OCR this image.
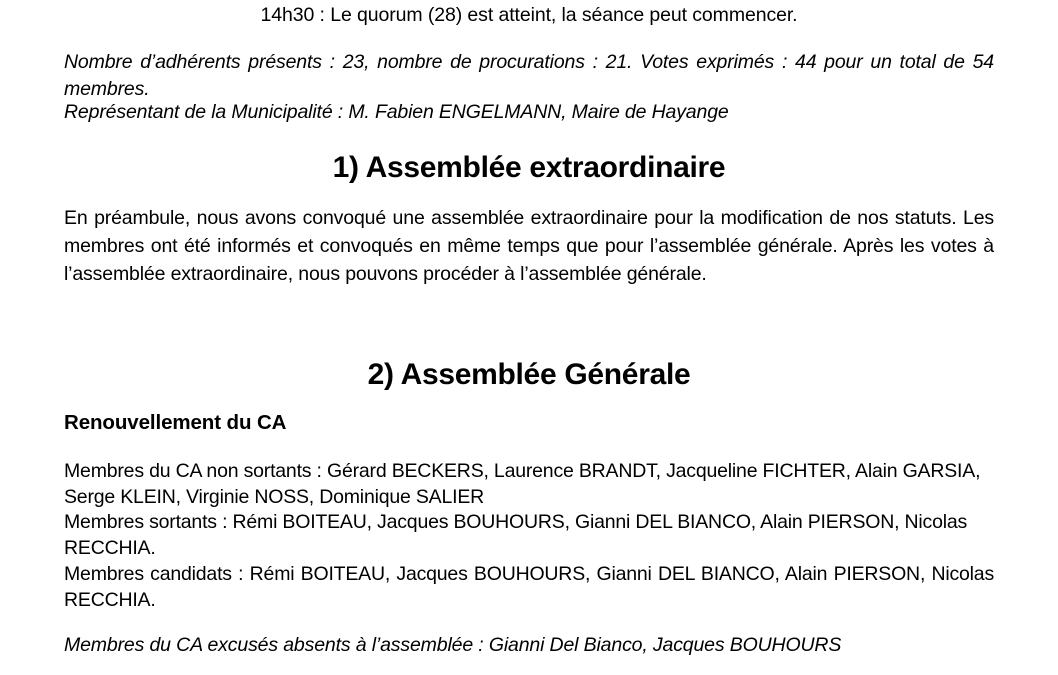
14h30 : Le quorum (28) est atteint, la séance peut commencer.
Nombre d’adhérents présents : 23, nombre de procurations : 21. Votes exprimés : 44 pour un total de 54 membres.
Représentant de la Municipalité : M. Fabien ENGELMANN, Maire de Hayange
1) Assemblée extraordinaire
En préambule, nous avons convoqué une assemblée extraordinaire pour la modification de nos statuts. Les membres ont été informés et convoqués en même temps que pour l’assemblée générale. Après les votes à l’assemblée extraordinaire, nous pouvons procéder à l’assemblée générale.
2) Assemblée Générale
Renouvellement du CA
Membres du CA non sortants : Gérard BECKERS, Laurence BRANDT, Jacqueline FICHTER, Alain GARSIA, Serge KLEIN, Virginie NOSS, Dominique SALIER
Membres sortants : Rémi BOITEAU, Jacques BOUHOURS, Gianni DEL BIANCO, Alain PIERSON, Nicolas RECCHIA.
Membres candidats : Rémi BOITEAU, Jacques BOUHOURS, Gianni DEL BIANCO, Alain PIERSON, Nicolas RECCHIA.
Membres du CA excusés absents à l’assemblée : Gianni Del Bianco, Jacques BOUHOURS
